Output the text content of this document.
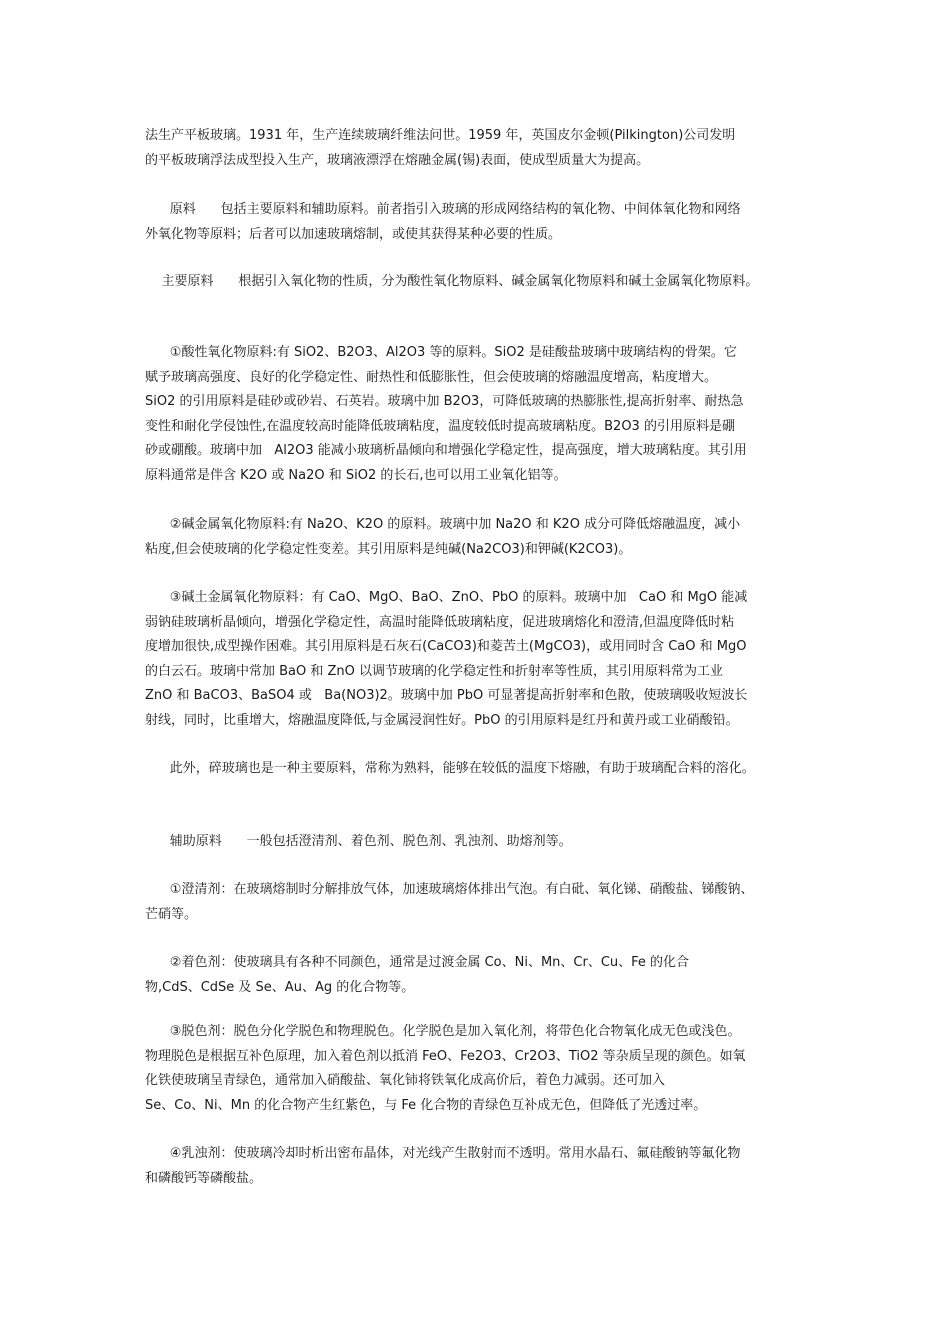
法生产平板玻璃。1931 年，生产连续玻璃纤维法问世。1959 年，英国皮尔金顿(Pilkington)公司发明
的平板玻璃浮法成型投入生产，玻璃液漂浮在熔融金属(锡)表面，使成型质量大为提高。

原料      包括主要原料和辅助原料。前者指引入玻璃的形成网络结构的氧化物、中间体氧化物和网络
外氧化物等原料；后者可以加速玻璃熔制，或使其获得某种必要的性质。

主要原料      根据引入氧化物的性质，分为酸性氧化物原料、碱金属氧化物原料和碱土金属氧化物原料。

①酸性氧化物原料:有 SiO2、B2O3、Al2O3 等的原料。SiO2 是硅酸盐玻璃中玻璃结构的骨架。它
赋予玻璃高强度、良好的化学稳定性、耐热性和低膨胀性，但会使玻璃的熔融温度增高，粘度增大。
SiO2 的引用原料是硅砂或砂岩、石英岩。玻璃中加 B2O3，可降低玻璃的热膨胀性,提高折射率、耐热急
变性和耐化学侵蚀性,在温度较高时能降低玻璃粘度，温度较低时提高玻璃粘度。B2O3 的引用原料是硼
砂或硼酸。玻璃中加   Al2O3 能减小玻璃析晶倾向和增强化学稳定性，提高强度，增大玻璃粘度。其引用
原料通常是伴含 K2O 或 Na2O 和 SiO2 的长石,也可以用工业氧化铝等。

②碱金属氧化物原料:有 Na2O、K2O 的原料。玻璃中加 Na2O 和 K2O 成分可降低熔融温度，减小
粘度,但会使玻璃的化学稳定性变差。其引用原料是纯碱(Na2CO3)和钾碱(K2CO3)。

③碱土金属氧化物原料：有 CaO、MgO、BaO、ZnO、PbO 的原料。玻璃中加   CaO 和 MgO 能减
弱钠硅玻璃析晶倾向，增强化学稳定性，高温时能降低玻璃粘度，促进玻璃熔化和澄清,但温度降低时粘
度增加很快,成型操作困难。其引用原料是石灰石(CaCO3)和菱苦土(MgCO3)，或用同时含 CaO 和 MgO
的白云石。玻璃中常加 BaO 和 ZnO 以调节玻璃的化学稳定性和折射率等性质，其引用原料常为工业
ZnO 和 BaCO3、BaSO4 或   Ba(NO3)2。玻璃中加 PbO 可显著提高折射率和色散，使玻璃吸收短波长
射线，同时，比重增大，熔融温度降低,与金属浸润性好。PbO 的引用原料是红丹和黄丹或工业硝酸铅。

此外，碎玻璃也是一种主要原料，常称为熟料，能够在较低的温度下熔融，有助于玻璃配合料的溶化。

辅助原料      一般包括澄清剂、着色剂、脱色剂、乳浊剂、助熔剂等。

①澄清剂：在玻璃熔制时分解排放气体，加速玻璃熔体排出气泡。有白砒、氧化锑、硝酸盐、锑酸钠、
芒硝等。

②着色剂：使玻璃具有各种不同颜色，通常是过渡金属 Co、Ni、Mn、Cr、Cu、Fe 的化合
物,CdS、CdSe 及 Se、Au、Ag 的化合物等。

③脱色剂：脱色分化学脱色和物理脱色。化学脱色是加入氧化剂，将带色化合物氧化成无色或浅色。
物理脱色是根据互补色原理，加入着色剂以抵消 FeO、Fe2O3、Cr2O3、TiO2 等杂质呈现的颜色。如氧
化铁使玻璃呈青绿色，通常加入硝酸盐、氧化铈将铁氧化成高价后，着色力减弱。还可加入
Se、Co、Ni、Mn 的化合物产生红紫色，与 Fe 化合物的青绿色互补成无色，但降低了光透过率。

④乳浊剂：使玻璃冷却时析出密布晶体，对光线产生散射而不透明。常用水晶石、氟硅酸钠等氟化物
和磷酸钙等磷酸盐。
